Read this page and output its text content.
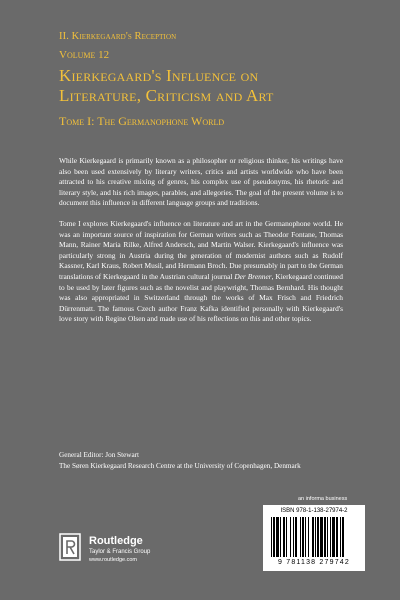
II. Kierkegaard's Reception
Volume 12
Kierkegaard's Influence on
Literature, Criticism and Art
Tome I: The Germanophone World

While Kierkegaard is primarily known as a philosopher or religious thinker, his writings have also been used extensively by literary writers, critics and artists worldwide who have been attracted to his creative mixing of genres, his complex use of pseudonyms, his rhetoric and literary style, and his rich images, parables, and allegories. The goal of the present volume is to document this influence in different language groups and traditions.

Tome I explores Kierkegaard's influence on literature and art in the Germanophone world. He was an important source of inspiration for German writers such as Theodor Fontane, Thomas Mann, Rainer Maria Rilke, Alfred Andersch, and Martin Walser. Kierkegaard's influence was particularly strong in Austria during the generation of modernist authors such as Rudolf Kassner, Karl Kraus, Robert Musil, and Hermann Broch. Due presumably in part to the German translations of Kierkegaard in the Austrian cultural journal Der Brenner, Kierkegaard continued to be used by later figures such as the novelist and playwright, Thomas Bernhard. His thought was also appropriated in Switzerland through the works of Max Frisch and Friedrich Dürrenmatt. The famous Czech author Franz Kafka identified personally with Kierkegaard's love story with Regine Olsen and made use of his reflections on this and other topics.

General Editor: Jon Stewart
The Søren Kierkegaard Research Centre at the University of Copenhagen, Denmark
an informa business
Routledge
Taylor & Francis Group
www.routledge.com
ISBN 978-1-138-27974-2
9 781138 279742
